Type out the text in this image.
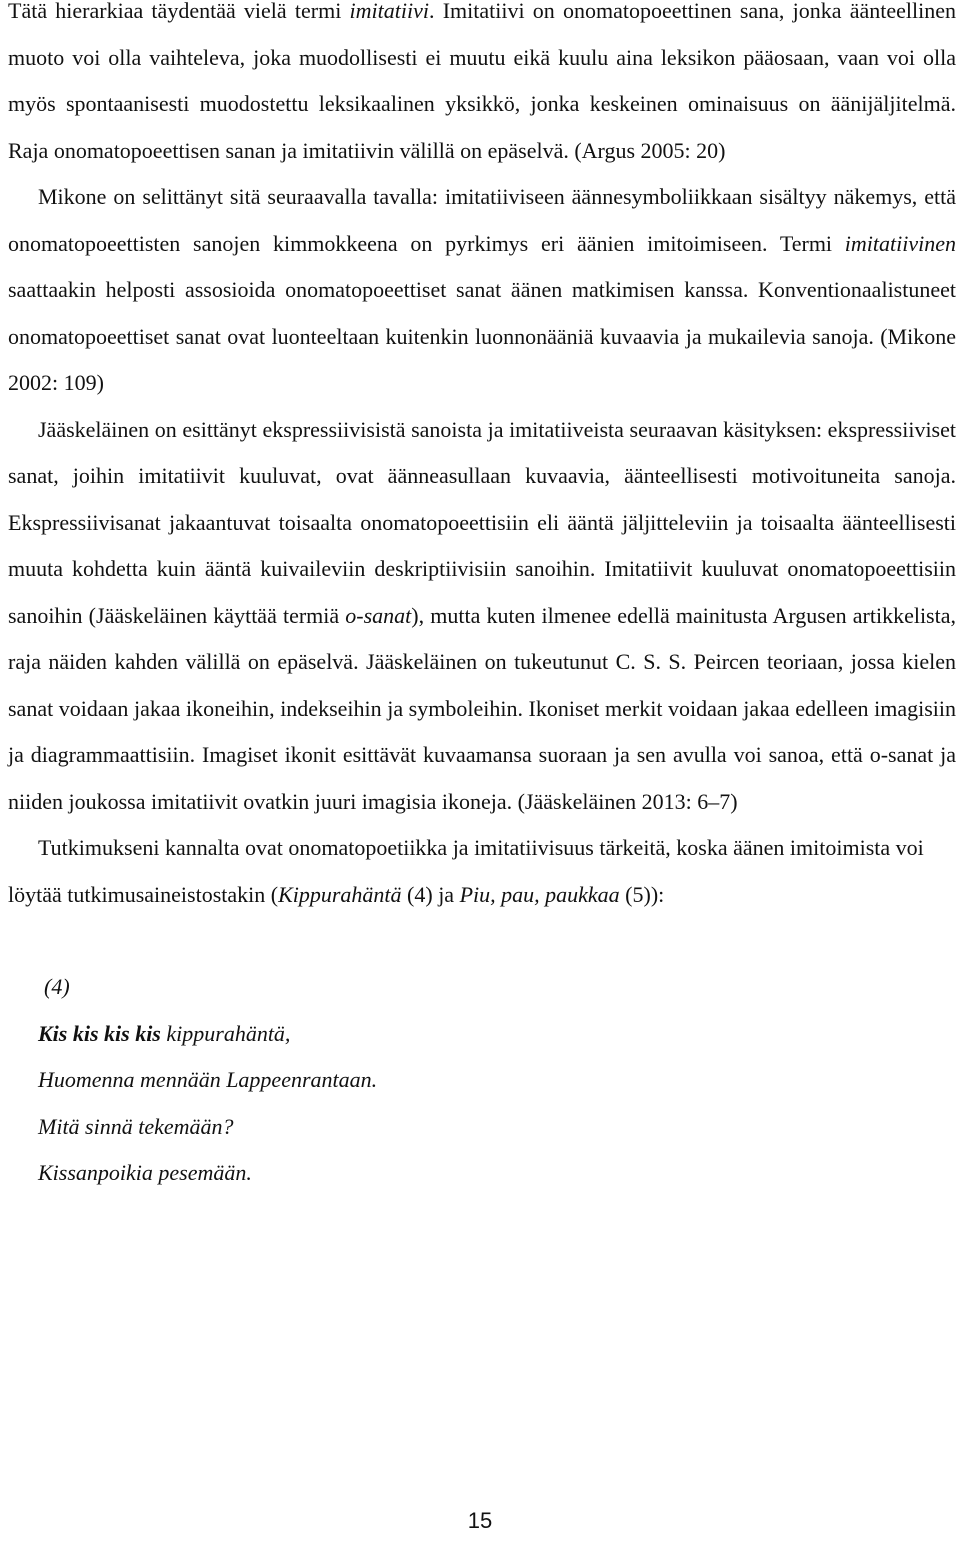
Tätä hierarkiaa täydentää vielä termi imitatiivi. Imitatiivi on onomatopoeettinen sana, jonka äänteellinen muoto voi olla vaihteleva, joka muodollisesti ei muutu eikä kuulu aina leksikon pääosaan, vaan voi olla myös spontaanisesti muodostettu leksikaalinen yksikkö, jonka keskeinen ominaisuus on äänijäljitelmä. Raja onomatopoeettisen sanan ja imitatiivin välillä on epäselvä. (Argus 2005: 20)

Mikone on selittänyt sitä seuraavalla tavalla: imitatiiviseen äännesymboliikkaan sisältyy näkemys, että onomatopoeettisten sanojen kimmokkeena on pyrkimys eri äänien imitoimiseen. Termi imitatiivinen saattaakin helposti assosioida onomatopoeettiset sanat äänen matkimisen kanssa. Konventionaalistuneet onomatopoeettiset sanat ovat luonteeltaan kuitenkin luonnonääniä kuvaavia ja mukailevia sanoja. (Mikone 2002: 109)

Jääskeläinen on esittänyt ekspressiivisistä sanoista ja imitatiiveista seuraavan käsityksen: ekspressiiviset sanat, joihin imitatiivit kuuluvat, ovat äänneasullaan kuvaavia, äänteellisesti motivoituneita sanoja. Ekspressiivisanat jakaantuvat toisaalta onomatopoeettisiin eli ääntä jäljitteleviin ja toisaalta äänteellisesti muuta kohdetta kuin ääntä kuivaileviin deskriptiivisiin sanoihin. Imitatiivit kuuluvat onomatopoeettisiin sanoihin (Jääskeläinen käyttää termiä o-sanat), mutta kuten ilmenee edellä mainitusta Argusen artikkelista, raja näiden kahden välillä on epäselvä. Jääskeläinen on tukeutunut C. S. S. Peircen teoriaan, jossa kielen sanat voidaan jakaa ikoneihin, indekseihin ja symboleihin. Ikoniset merkit voidaan jakaa edelleen imagisiin ja diagrammaattisiin. Imagiset ikonit esittävät kuvaamansa suoraan ja sen avulla voi sanoa, että o-sanat ja niiden joukossa imitatiivit ovatkin juuri imagisia ikoneja. (Jääskeläinen 2013: 6–7)

Tutkimukseni kannalta ovat onomatopoetiikka ja imitatiivisuus tärkeitä, koska äänen imitoimista voi löytää tutkimusaineistostakin (Kippurahäntä (4) ja Piu, pau, paukkaa (5)):

(4)
Kis kis kis kis kippurahäntä,
Huomenna mennään Lappeenrantaan.
Mitä sinnä tekemään?
Kissanpoikia pesemään.
15
